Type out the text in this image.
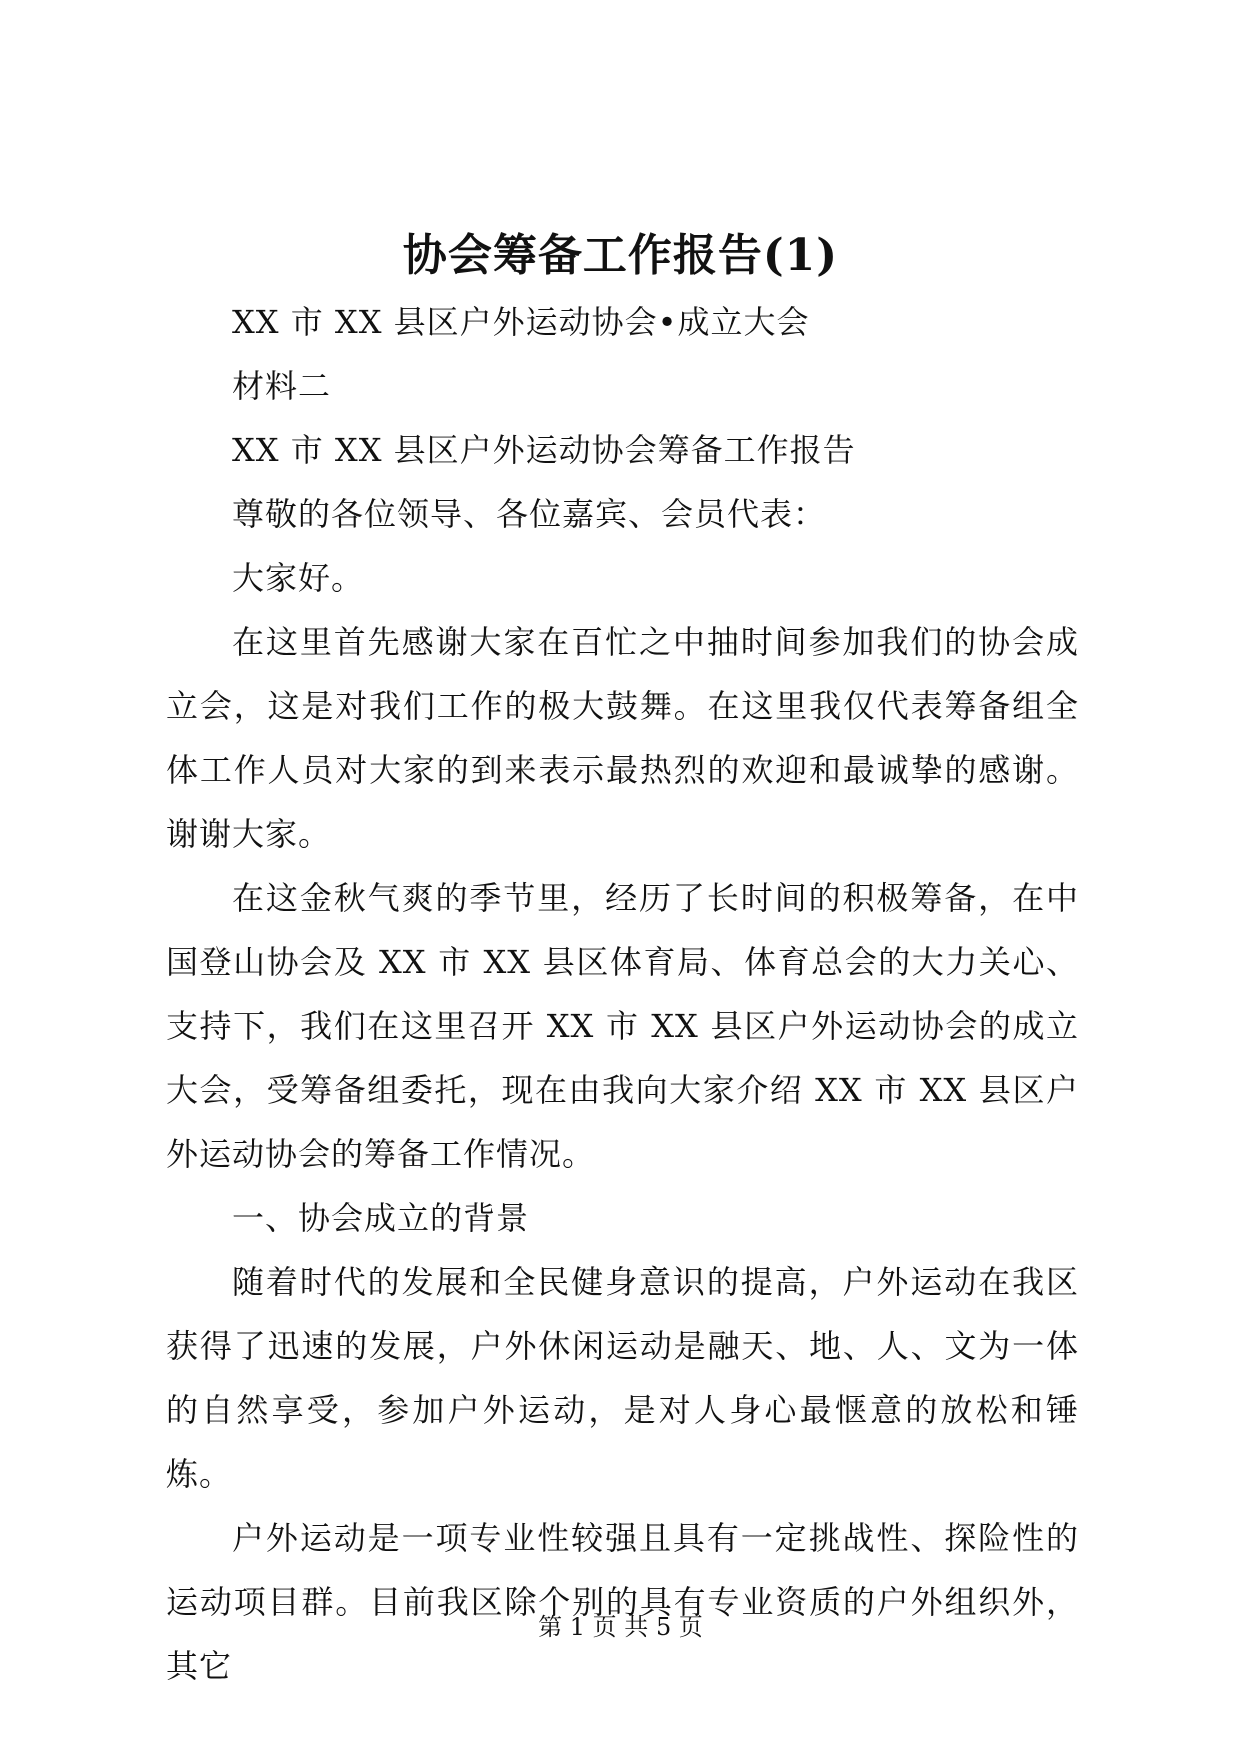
协会筹备工作报告(1)

XX 市 XX 县区户外运动协会•成立大会

材料二

XX 市 XX 县区户外运动协会筹备工作报告

尊敬的各位领导、各位嘉宾、会员代表：

大家好。

在这里首先感谢大家在百忙之中抽时间参加我们的协会成立会，这是对我们工作的极大鼓舞。在这里我仅代表筹备组全体工作人员对大家的到来表示最热烈的欢迎和最诚挚的感谢。谢谢大家。

在这金秋气爽的季节里，经历了长时间的积极筹备，在中国登山协会及 XX 市 XX 县区体育局、体育总会的大力关心、支持下，我们在这里召开 XX 市 XX 县区户外运动协会的成立大会，受筹备组委托，现在由我向大家介绍 XX 市 XX 县区户外运动协会的筹备工作情况。

一、协会成立的背景

随着时代的发展和全民健身意识的提高，户外运动在我区获得了迅速的发展，户外休闲运动是融天、地、人、文为一体的自然享受，参加户外运动，是对人身心最惬意的放松和锤炼。

户外运动是一项专业性较强且具有一定挑战性、探险性的运动项目群。目前我区除个别的具有专业资质的户外组织外，其它

第 1 页 共 5 页
